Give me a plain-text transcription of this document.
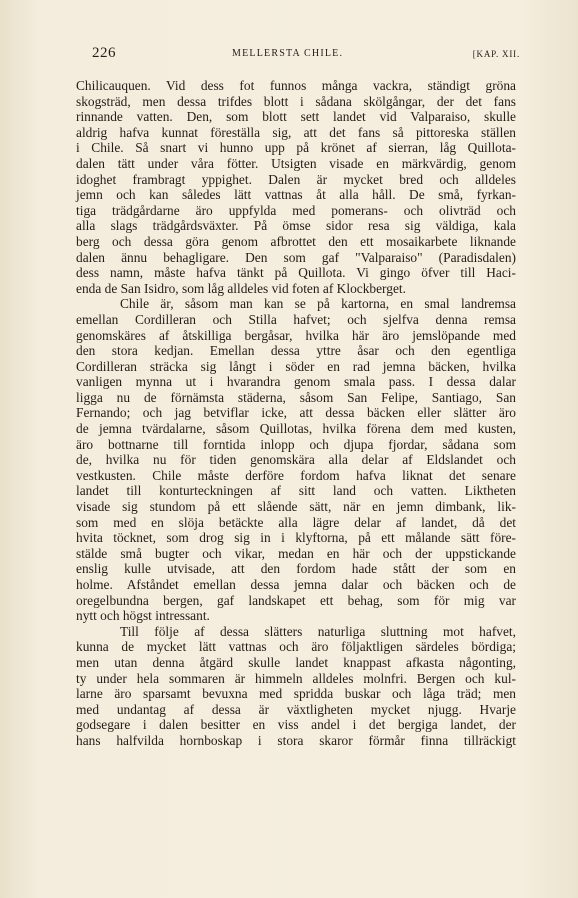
226	MELLERSTA CHILE.	[KAP. XII.
Chilicauquen. Vid dess fot funnos många vackra, ständigt gröna
skogsträd, men dessa trifdes blott i sådana skölgångar, der det fans
rinnande vatten. Den, som blott sett landet vid Valparaiso, skulle
aldrig hafva kunnat föreställa sig, att det fans så pittoreska ställen
i Chile. Så snart vi hunno upp på krönet af sierran, låg Quillota-
dalen tätt under våra fötter. Utsigten visade en märkvärdig, genom
idoghet frambragt yppighet. Dalen är mycket bred och alldeles
jemn och kan således lätt vattnas åt alla håll. De små, fyrkan-
tiga trädgårdarne äro uppfylda med pomerans- och olivträd och
alla slags trädgårdsväxter. På ömse sidor resa sig väldiga, kala
berg och dessa göra genom afbrottet den ett mosaikarbete liknande
dalen ännu behagligare. Den som gaf "Valparaiso" (Paradisdalen)
dess namn, måste hafva tänkt på Quillota. Vi gingo öfver till Haci-
enda de San Isidro, som låg alldeles vid foten af Klockberget.
Chile är, såsom man kan se på kartorna, en smal landremsa
emellan Cordilleran och Stilla hafvet; och sjelfva denna remsa
genomskäres af åtskilliga bergåsar, hvilka här äro jemslöpande med
den stora kedjan. Emellan dessa yttre åsar och den egentliga
Cordilleran sträcka sig långt i söder en rad jemna bäcken, hvilka
vanligen mynna ut i hvarandra genom smala pass. I dessa dalar
ligga nu de förnämsta städerna, såsom San Felipe, Santiago, San
Fernando; och jag betviflar icke, att dessa bäcken eller slätter äro
de jemna tvärdalarne, såsom Quillotas, hvilka förena dem med kusten,
äro bottnarne till forntida inlopp och djupa fjordar, sådana som
de, hvilka nu för tiden genomskära alla delar af Eldslandet och
vestkusten. Chile måste derföre fordom hafva liknat det senare
landet till konturteckningen af sitt land och vatten. Liktheten
visade sig stundom på ett slående sätt, när en jemn dimbank, lik-
som med en slöja betäckte alla lägre delar af landet, då det
hvita töcknet, som drog sig in i klyftorna, på ett målande sätt före-
stälde små bugter och vikar, medan en här och der uppstickande
enslig kulle utvisade, att den fordom hade stått der som en
holme. Afståndet emellan dessa jemna dalar och bäcken och de
oregelbundna bergen, gaf landskapet ett behag, som för mig var
nytt och högst intressant.
Till följe af dessa slätters naturliga sluttning mot hafvet,
kunna de mycket lätt vattnas och äro följaktligen särdeles bördiga;
men utan denna åtgärd skulle landet knappast afkasta någonting,
ty under hela sommaren är himmeln alldeles molnfri. Bergen och kul-
larne äro sparsamt bevuxna med spridda buskar och låga träd; men
med undantag af dessa är växtligheten mycket njugg. Hvarje
godsegare i dalen besitter en viss andel i det bergiga landet, der
hans halfvilda hornboskap i stora skaror förmår finna tillräckigt
